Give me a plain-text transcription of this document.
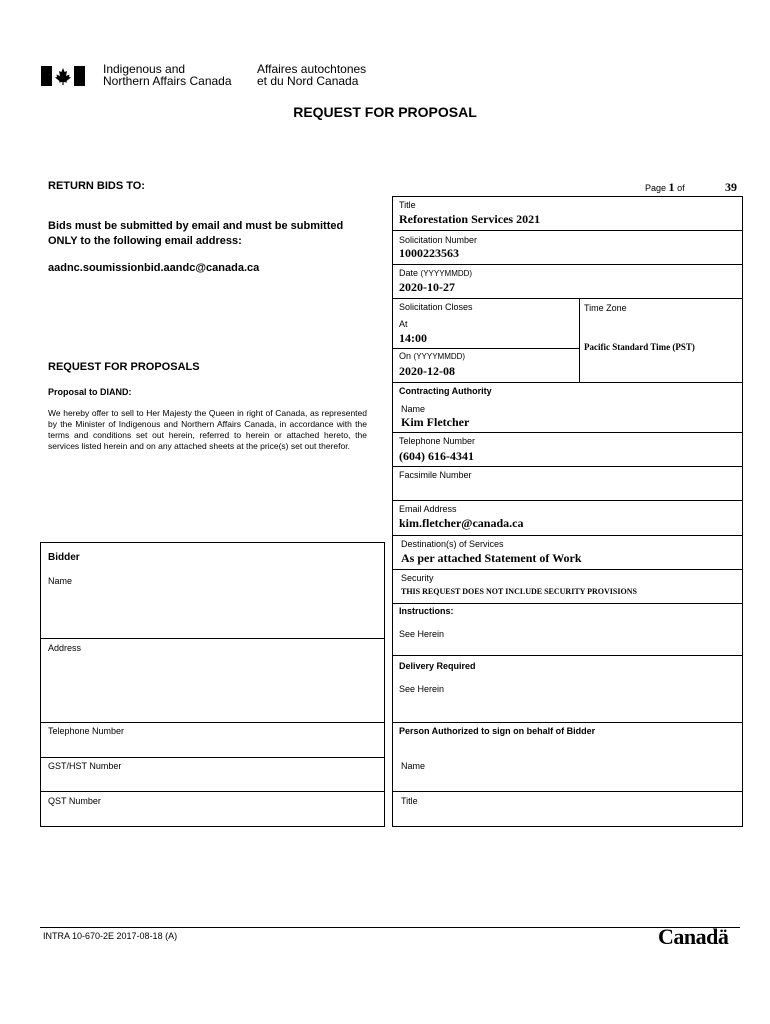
Indigenous and
Northern Affairs Canada
Affaires autochtones
et du Nord Canada
REQUEST FOR PROPOSAL
RETURN BIDS TO:
Bids must be submitted by email and must be submitted ONLY to the following email address:
aadnc.soumissionbid.aandc@canada.ca
REQUEST FOR PROPOSALS
Proposal to DIAND:
We hereby offer to sell to Her Majesty the Queen in right of Canada, as represented by the Minister of Indigenous and Northern Affairs Canada, in accordance with the terms and conditions set out herein, referred to herein or attached hereto, the services listed herein and on any attached sheets at the price(s) set out therefor.
Bidder
Name
Address
Telephone Number
GST/HST Number
QST Number
Page 1 of	39
Title
Reforestation Services 2021
Solicitation Number
1000223563
Date (YYYYMMDD)
2020-10-27
Solicitation Closes
At
14:00
On (YYYYMMDD)
2020-12-08
Time Zone
Pacific Standard Time (PST)
Contracting Authority
Name
Kim Fletcher
Telephone Number
(604) 616-4341
Facsimile Number
Email Address
kim.fletcher@canada.ca
Destination(s) of Services
As per attached Statement of Work
Security
THIS REQUEST DOES NOT INCLUDE SECURITY PROVISIONS
Instructions:
See Herein
Delivery Required
See Herein
Person Authorized to sign on behalf of Bidder
Name
Title
INTRA 10-670-2E 2017-08-18 (A)	Canadä
